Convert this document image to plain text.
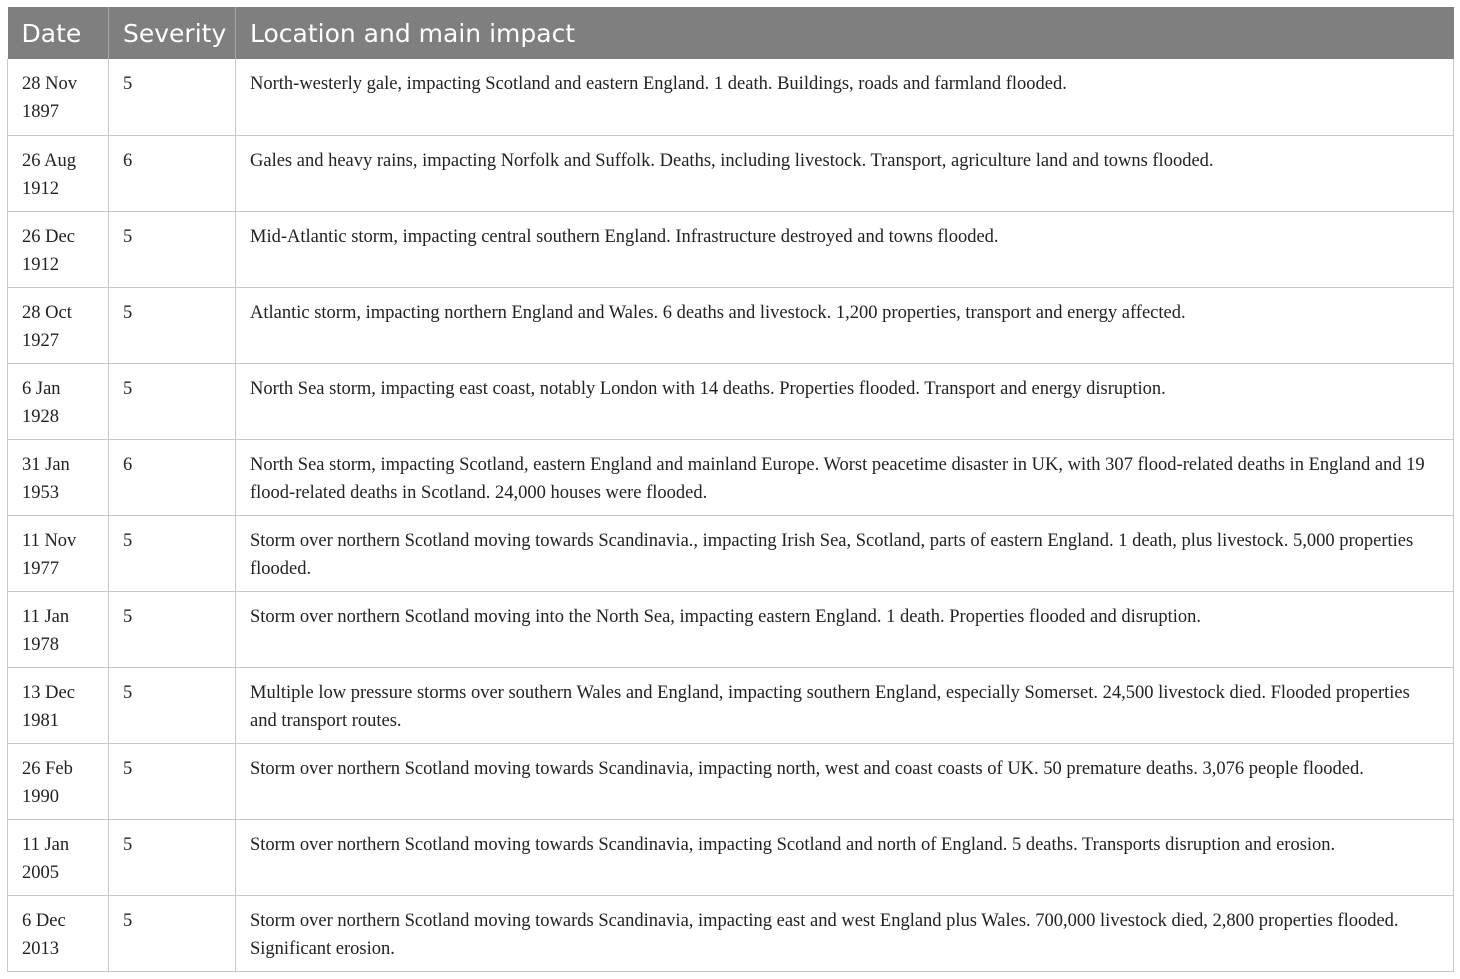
Date	Severity	Location and main impact
28 Nov 1897	5	North-westerly gale, impacting Scotland and eastern England. 1 death. Buildings, roads and farmland flooded.
26 Aug 1912	6	Gales and heavy rains, impacting Norfolk and Suffolk. Deaths, including livestock. Transport, agriculture land and towns flooded.
26 Dec 1912	5	Mid-Atlantic storm, impacting central southern England. Infrastructure destroyed and towns flooded.
28 Oct 1927	5	Atlantic storm, impacting northern England and Wales. 6 deaths and livestock. 1,200 properties, transport and energy affected.
6 Jan 1928	5	North Sea storm, impacting east coast, notably London with 14 deaths. Properties flooded. Transport and energy disruption.
31 Jan 1953	6	North Sea storm, impacting Scotland, eastern England and mainland Europe. Worst peacetime disaster in UK, with 307 flood-related deaths in England and 19 flood-related deaths in Scotland. 24,000 houses were flooded.
11 Nov 1977	5	Storm over northern Scotland moving towards Scandinavia., impacting Irish Sea, Scotland, parts of eastern England. 1 death, plus livestock. 5,000 properties flooded.
11 Jan 1978	5	Storm over northern Scotland moving into the North Sea, impacting eastern England. 1 death. Properties flooded and disruption.
13 Dec 1981	5	Multiple low pressure storms over southern Wales and England, impacting southern England, especially Somerset. 24,500 livestock died. Flooded properties and transport routes.
26 Feb 1990	5	Storm over northern Scotland moving towards Scandinavia, impacting north, west and coast coasts of UK. 50 premature deaths. 3,076 people flooded.
11 Jan 2005	5	Storm over northern Scotland moving towards Scandinavia, impacting Scotland and north of England. 5 deaths. Transports disruption and erosion.
6 Dec 2013	5	Storm over northern Scotland moving towards Scandinavia, impacting east and west England plus Wales. 700,000 livestock died, 2,800 properties flooded. Significant erosion.
